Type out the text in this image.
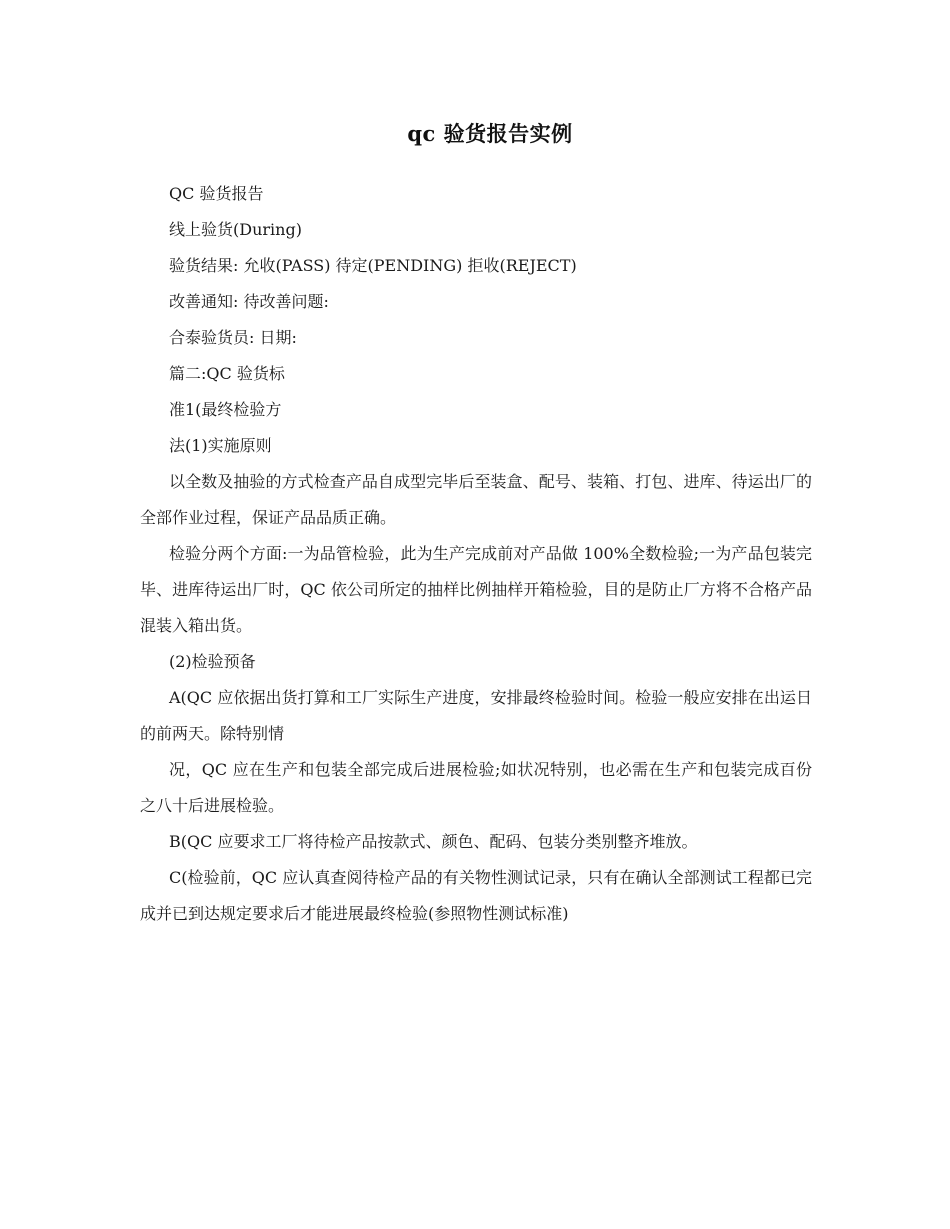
qc 验货报告实例

QC 验货报告

线上验货(During)

验货结果: 允收(PASS) 待定(PENDING) 拒收(REJECT)

改善通知: 待改善问题:

合泰验货员: 日期:

篇二:QC 验货标

准1(最终检验方

法(1)实施原则

以全数及抽验的方式检查产品自成型完毕后至装盒、配号、装箱、打包、进库、待运出厂的全部作业过程，保证产品品质正确。

检验分两个方面:一为品管检验，此为生产完成前对产品做 100%全数检验;一为产品包装完毕、进库待运出厂时，QC 依公司所定的抽样比例抽样开箱检验，目的是防止厂方将不合格产品混装入箱出货。

(2)检验预备

A(QC 应依据出货打算和工厂实际生产进度，安排最终检验时间。检验一般应安排在出运日的前两天。除特别情

况，QC 应在生产和包装全部完成后进展检验;如状况特别，也必需在生产和包装完成百份之八十后进展检验。

B(QC 应要求工厂将待检产品按款式、颜色、配码、包装分类别整齐堆放。

C(检验前，QC 应认真查阅待检产品的有关物性测试记录，只有在确认全部测试工程都已完成并已到达规定要求后才能进展最终检验(参照物性测试标准)
